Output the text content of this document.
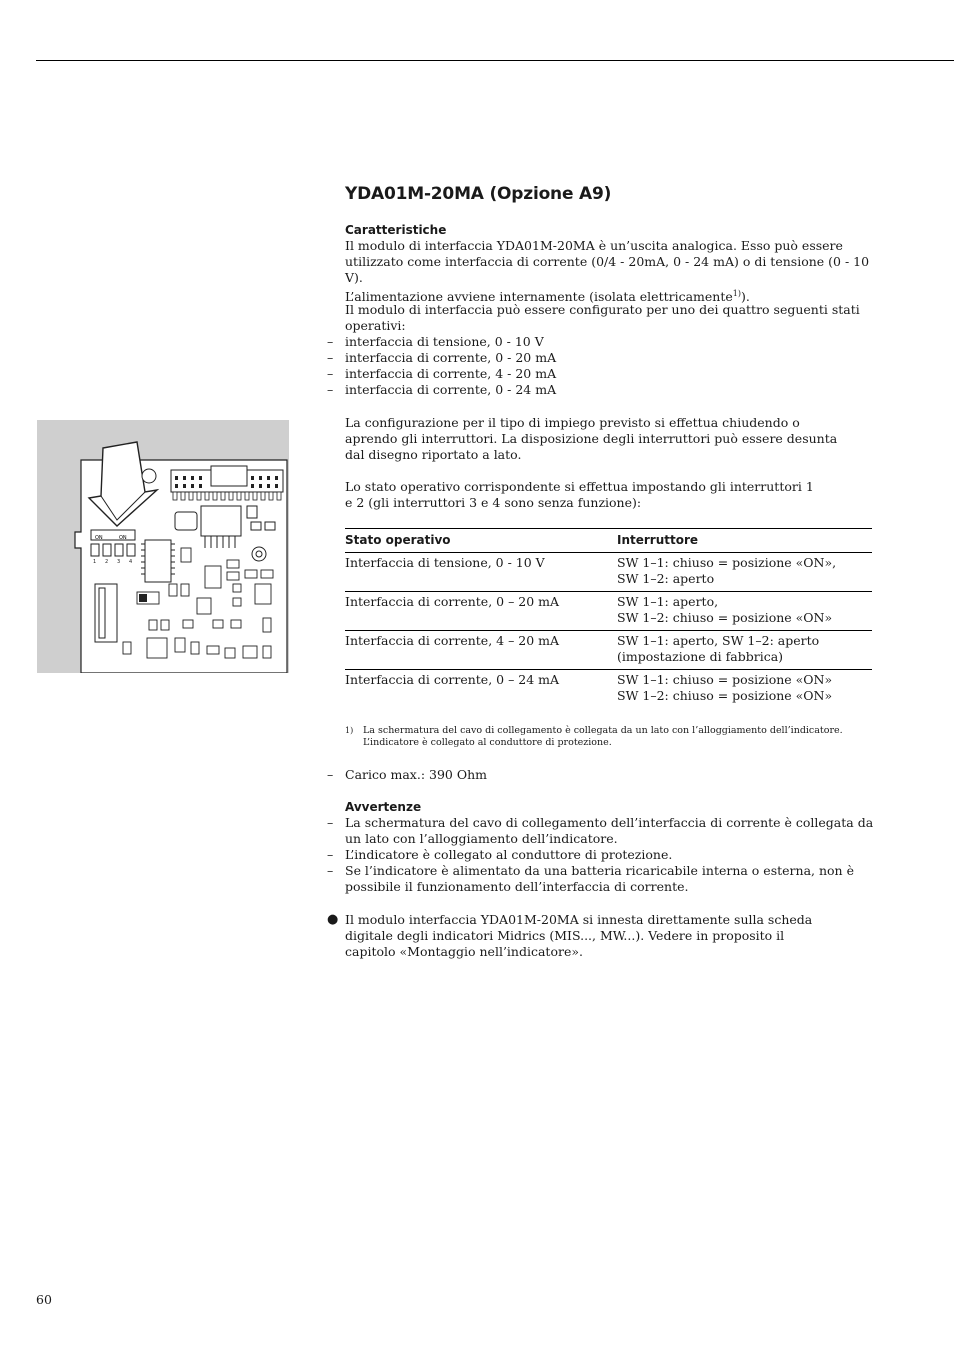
ON	ON
1 2 3 4
YDA01M-20MA (Opzione A9)

Caratteristiche

Il modulo di interfaccia YDA01M-20MA è un’uscita analogica. Esso può essere utilizzato come interfaccia di corrente (0/4 - 20mA, 0 - 24 mA) o di tensione (0 - 10 V).

L’alimentazione avviene internamente (isolata elettricamente$^{1)}$).

Il modulo di interfaccia può essere configurato per uno dei quattro seguenti stati operativi:

– interfaccia di tensione, 0 - 10 V
– interfaccia di corrente, 0 - 20 mA
– interfaccia di corrente, 4 - 20 mA
– interfaccia di corrente, 0 - 24 mA

La configurazione per il tipo di impiego previsto si effettua chiudendo o aprendo gli interruttori. La disposizione degli interruttori può essere desunta dal disegno riportato a lato.

Lo stato operativo corrispondente si effettua impostando gli interruttori 1 e 2 (gli interruttori 3 e 4 sono senza funzione):

Stato operativo	Interruttore
Interfaccia di tensione, 0 - 10 V	SW 1–1: chiuso = posizione «ON»,
SW 1–2: aperto

Interfaccia di corrente, 0 – 20 mA	SW 1–1: aperto,
SW 1–2: chiuso = posizione «ON»

Interfaccia di corrente, 4 – 20 mA	SW 1–1: aperto, SW 1–2: aperto
(impostazione di fabbrica)

Interfaccia di corrente, 0 – 24 mA	SW 1–1: chiuso = posizione «ON»
SW 1–2: chiuso = posizione «ON»
$^{1)}$ La schermatura del cavo di collegamento è collegata da un lato con l’alloggiamento dell’indicatore.
L’indicatore è collegato al conduttore di protezione.
– Carico max.: 390 Ohm

Avvertenze

– La schermatura del cavo di collegamento dell’interfaccia di corrente è collegata da un lato con l’alloggiamento dell’indicatore.
– L’indicatore è collegato al conduttore di protezione.
– Se l’indicatore è alimentato da una batteria ricaricabile interna o esterna, non è possibile il funzionamento dell’interfaccia di corrente.
● Il modulo interfaccia YDA01M-20MA si innesta direttamente sulla scheda digitale degli indicatori Midrics (MIS..., MW...). Vedere in proposito il capitolo «Montaggio nell’indicatore».

60
